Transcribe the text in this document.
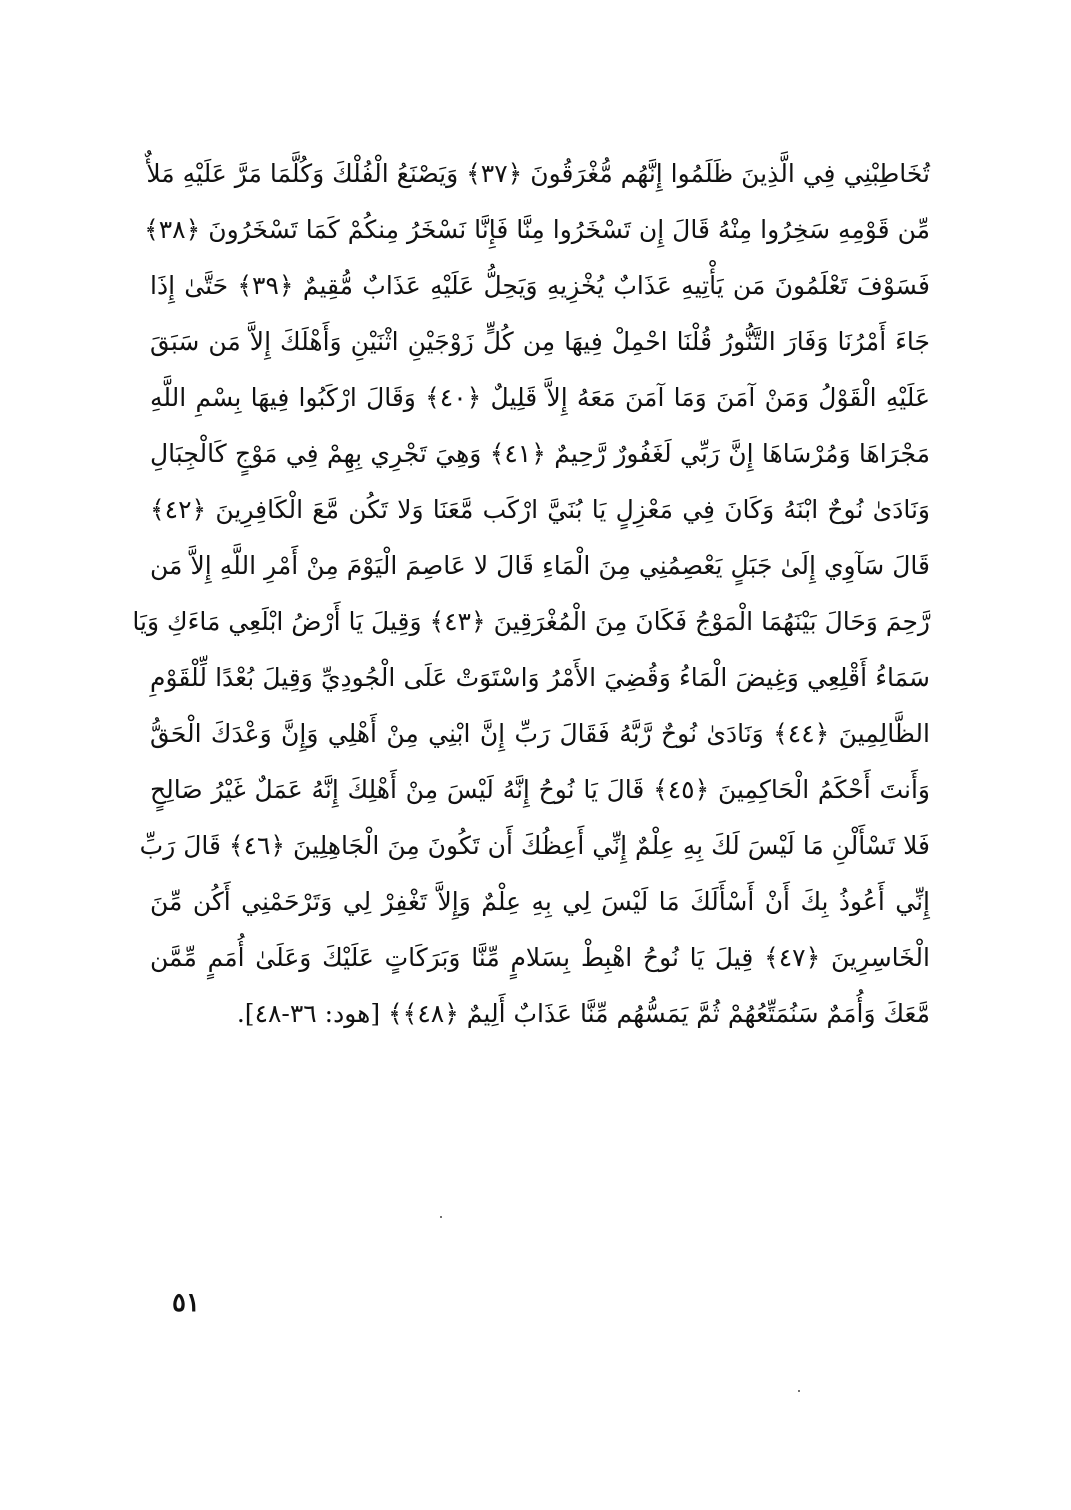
تُخَاطِبْنِي فِي الَّذِينَ ظَلَمُوا إِنَّهُم مُّغْرَقُونَ ﴿٣٧﴾ وَيَصْنَعُ الْفُلْكَ وَكُلَّمَا مَرَّ عَلَيْهِ مَلأٌ
مِّن قَوْمِهِ سَخِرُوا مِنْهُ قَالَ إِن تَسْخَرُوا مِنَّا فَإِنَّا نَسْخَرُ مِنكُمْ كَمَا تَسْخَرُونَ ﴿٣٨﴾
فَسَوْفَ تَعْلَمُونَ مَن يَأْتِيهِ عَذَابٌ يُخْزِيهِ وَيَحِلُّ عَلَيْهِ عَذَابٌ مُّقِيمٌ ﴿٣٩﴾ حَتَّىٰ إِذَا
جَاءَ أَمْرُنَا وَفَارَ التَّنُّورُ قُلْنَا احْمِلْ فِيهَا مِن كُلٍّ زَوْجَيْنِ اثْنَيْنِ وَأَهْلَكَ إِلاَّ مَن سَبَقَ
عَلَيْهِ الْقَوْلُ وَمَنْ آمَنَ وَمَا آمَنَ مَعَهُ إِلاَّ قَلِيلٌ ﴿٤٠﴾ وَقَالَ ارْكَبُوا فِيهَا بِسْمِ اللَّهِ
مَجْرَاهَا وَمُرْسَاهَا إِنَّ رَبِّي لَغَفُورٌ رَّحِيمٌ ﴿٤١﴾ وَهِيَ تَجْرِي بِهِمْ فِي مَوْجٍ كَالْجِبَالِ
وَنَادَىٰ نُوحٌ ابْنَهُ وَكَانَ فِي مَعْزِلٍ يَا بُنَيَّ ارْكَب مَّعَنَا وَلا تَكُن مَّعَ الْكَافِرِينَ ﴿٤٢﴾
قَالَ سَآوِي إِلَىٰ جَبَلٍ يَعْصِمُنِي مِنَ الْمَاءِ قَالَ لا عَاصِمَ الْيَوْمَ مِنْ أَمْرِ اللَّهِ إِلاَّ مَن
رَّحِمَ وَحَالَ بَيْنَهُمَا الْمَوْجُ فَكَانَ مِنَ الْمُغْرَقِينَ ﴿٤٣﴾ وَقِيلَ يَا أَرْضُ ابْلَعِي مَاءَكِ وَيَا
سَمَاءُ أَقْلِعِي وَغِيضَ الْمَاءُ وَقُضِيَ الأَمْرُ وَاسْتَوَتْ عَلَى الْجُودِيِّ وَقِيلَ بُعْدًا لِّلْقَوْمِ
الظَّالِمِينَ ﴿٤٤﴾ وَنَادَىٰ نُوحٌ رَّبَّهُ فَقَالَ رَبِّ إِنَّ ابْنِي مِنْ أَهْلِي وَإِنَّ وَعْدَكَ الْحَقُّ
وَأَنتَ أَحْكَمُ الْحَاكِمِينَ ﴿٤٥﴾ قَالَ يَا نُوحُ إِنَّهُ لَيْسَ مِنْ أَهْلِكَ إِنَّهُ عَمَلٌ غَيْرُ صَالِحٍ
فَلا تَسْأَلْنِ مَا لَيْسَ لَكَ بِهِ عِلْمٌ إِنِّي أَعِظُكَ أَن تَكُونَ مِنَ الْجَاهِلِينَ ﴿٤٦﴾ قَالَ رَبِّ
إِنِّي أَعُوذُ بِكَ أَنْ أَسْأَلَكَ مَا لَيْسَ لِي بِهِ عِلْمٌ وَإِلاَّ تَغْفِرْ لِي وَتَرْحَمْنِي أَكُن مِّنَ
الْخَاسِرِينَ ﴿٤٧﴾ قِيلَ يَا نُوحُ اهْبِطْ بِسَلامٍ مِّنَّا وَبَرَكَاتٍ عَلَيْكَ وَعَلَىٰ أُمَمٍ مِّمَّن
مَّعَكَ وَأُمَمٌ سَنُمَتِّعُهُمْ ثُمَّ يَمَسُّهُم مِّنَّا عَذَابٌ أَلِيمٌ ﴿٤٨﴾﴾ [هود: ٣٦-٤٨].
٥١
